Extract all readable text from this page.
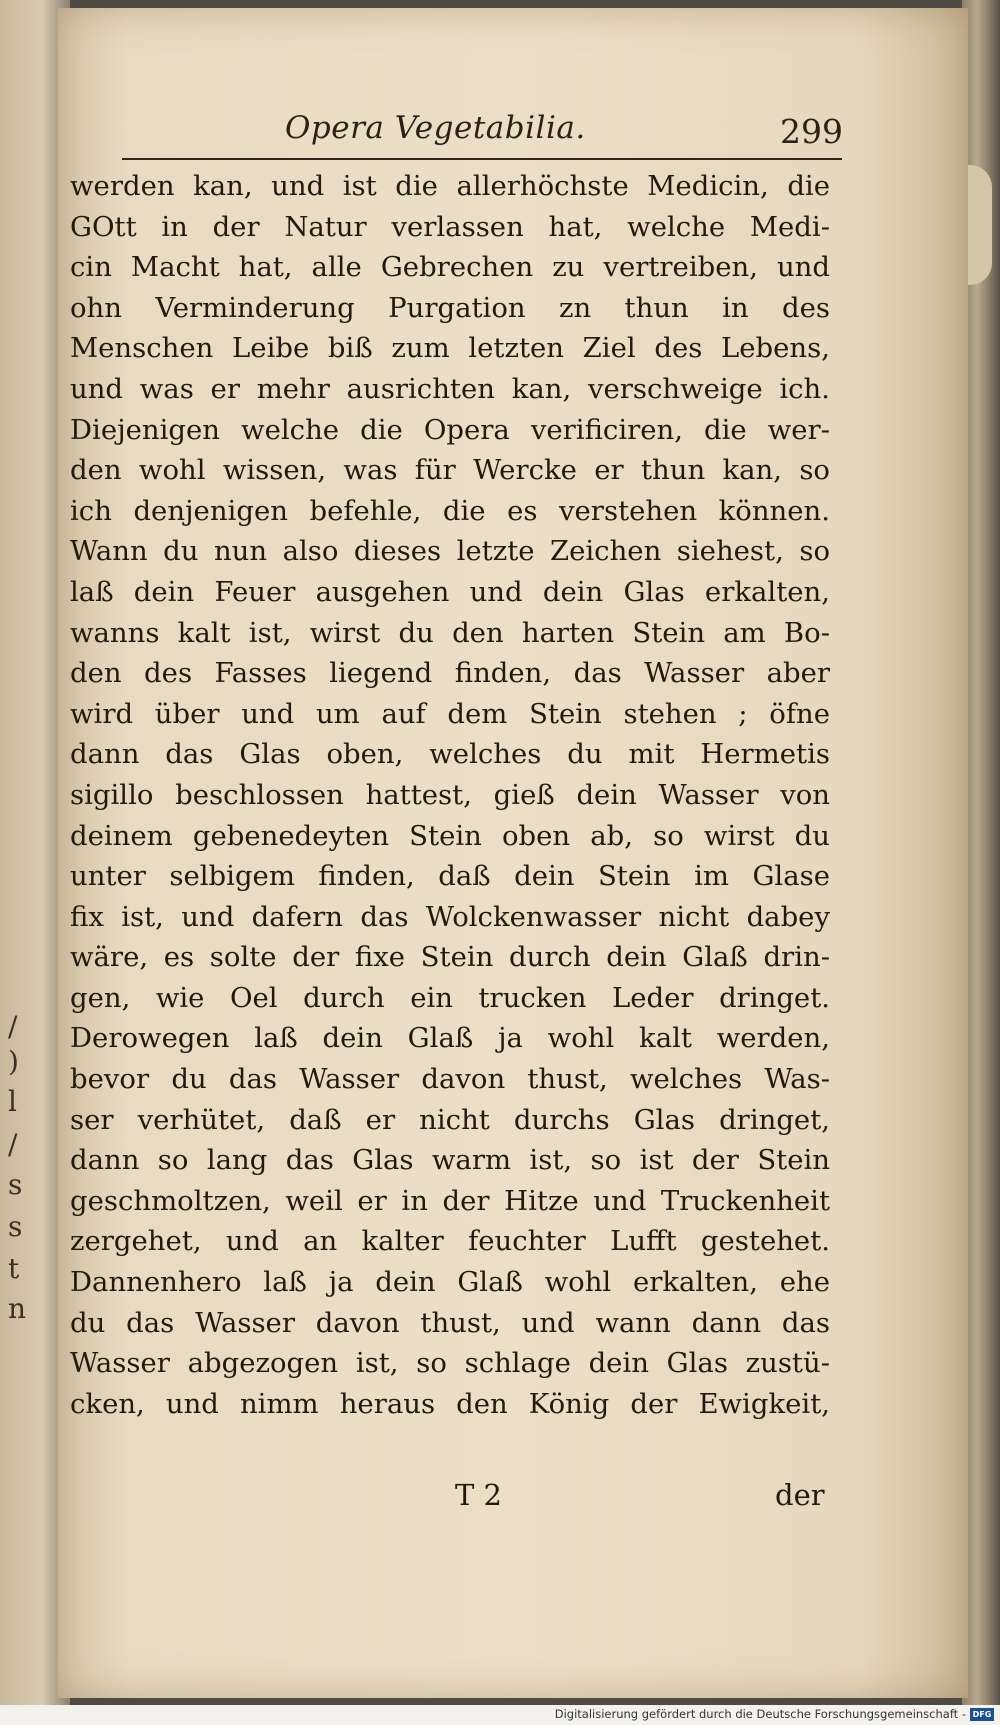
/
)
l
/
s
s
t
n
Opera Vegetabilia.	299
werden kan, und ist die allerhöchste Medicin, die
GOtt in der Natur verlassen hat, welche Medi-
cin Macht hat, alle Gebrechen zu vertreiben, und
ohn Verminderung Purgation zn thun in des
Menschen Leibe biß zum letzten Ziel des Lebens,
und was er mehr ausrichten kan, verschweige ich.
Diejenigen welche die Opera verificiren, die wer-
den wohl wissen, was für Wercke er thun kan, so
ich denjenigen befehle, die es verstehen können.
Wann du nun also dieses letzte Zeichen siehest, so
laß dein Feuer ausgehen und dein Glas erkalten,
wanns kalt ist, wirst du den harten Stein am Bo-
den des Fasses liegend finden, das Wasser aber
wird über und um auf dem Stein stehen ; öfne
dann das Glas oben, welches du mit Hermetis
sigillo beschlossen hattest, gieß dein Wasser von
deinem gebenedeyten Stein oben ab, so wirst du
unter selbigem finden, daß dein Stein im Glase
fix ist, und dafern das Wolckenwasser nicht dabey
wäre, es solte der fixe Stein durch dein Glaß drin-
gen, wie Oel durch ein trucken Leder dringet.
Derowegen laß dein Glaß ja wohl kalt werden,
bevor du das Wasser davon thust, welches Was-
ser verhütet, daß er nicht durchs Glas dringet,
dann so lang das Glas warm ist, so ist der Stein
geschmoltzen, weil er in der Hitze und Truckenheit
zergehet, und an kalter feuchter Lufft gestehet.
Dannenhero laß ja dein Glaß wohl erkalten, ehe
du das Wasser davon thust, und wann dann das
Wasser abgezogen ist, so schlage dein Glas zustü-
cken, und nimm heraus den König der Ewigkeit,
T 2	der
Digitalisierung gefördert durch die Deutsche Forschungsgemeinschaft - DFG
